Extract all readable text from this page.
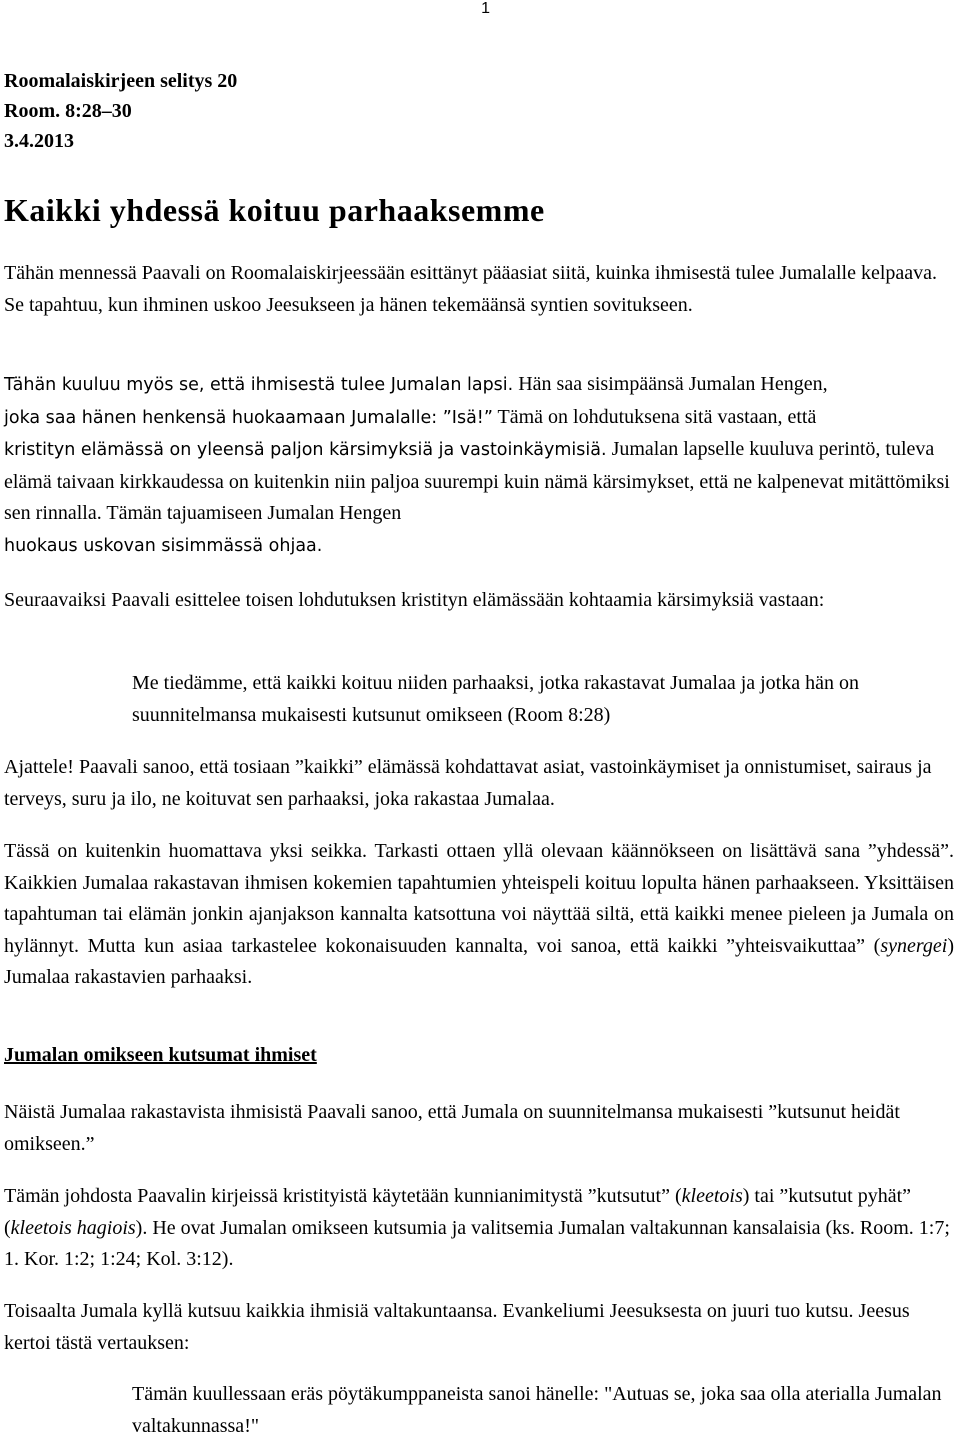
1
Roomalaiskirjeen selitys 20
Room. 8:28–30
3.4.2013
Kaikki yhdessä koituu parhaaksemme

Tähän mennessä Paavali on Roomalaiskirjeessään esittänyt pääasiat siitä, kuinka ihmisestä tulee Jumalalle kelpaava. Se tapahtuu, kun ihminen uskoo Jeesukseen ja hänen tekemäänsä syntien sovitukseen.

Tähän kuuluu myös se, että ihmisestä tulee Jumalan lapsi. Hän saa sisimpäänsä Jumalan Hengen,
joka saa hänen henkensä huokaamaan Jumalalle: ”Isä!” Tämä on lohdutuksena sitä vastaan, että
kristityn elämässä on yleensä paljon kärsimyksiä ja vastoinkäymisiä. Jumalan lapselle kuuluva perintö, tuleva elämä taivaan kirkkaudessa on kuitenkin niin paljoa suurempi kuin nämä kärsimykset, että ne kalpenevat mitättömiksi sen rinnalla. Tämän tajuamiseen Jumalan Hengen
huokaus uskovan sisimmässä ohjaa.

Seuraavaiksi Paavali esittelee toisen lohdutuksen kristityn elämässään kohtaamia kärsimyksiä vastaan:

Me tiedämme, että kaikki koituu niiden parhaaksi, jotka rakastavat Jumalaa ja jotka hän on suunnitelmansa mukaisesti kutsunut omikseen (Room 8:28)

Ajattele! Paavali sanoo, että tosiaan ”kaikki” elämässä kohdattavat asiat, vastoinkäymiset ja onnistumiset, sairaus ja terveys, suru ja ilo, ne koituvat sen parhaaksi, joka rakastaa Jumalaa.

Tässä on kuitenkin huomattava yksi seikka. Tarkasti ottaen yllä olevaan käännökseen on lisättävä sana ”yhdessä”. Kaikkien Jumalaa rakastavan ihmisen kokemien tapahtumien yhteispeli koituu lopulta hänen parhaakseen. Yksittäisen tapahtuman tai elämän jonkin ajanjakson kannalta katsottuna voi näyttää siltä, että kaikki menee pieleen ja Jumala on hylännyt. Mutta kun asiaa tarkastelee kokonaisuuden kannalta, voi sanoa, että kaikki ”yhteisvaikuttaa” (synergei) Jumalaa rakastavien parhaaksi.

Jumalan omikseen kutsumat ihmiset

Näistä Jumalaa rakastavista ihmisistä Paavali sanoo, että Jumala on suunnitelmansa mukaisesti ”kutsunut heidät omikseen.”

Tämän johdosta Paavalin kirjeissä kristityistä käytetään kunnianimitystä ”kutsutut” (kleetois) tai ”kutsutut pyhät” (kleetois hagiois). He ovat Jumalan omikseen kutsumia ja valitsemia Jumalan valtakunnan kansalaisia (ks. Room. 1:7; 1. Kor. 1:2; 1:24; Kol. 3:12).

Toisaalta Jumala kyllä kutsuu kaikkia ihmisiä valtakuntaansa. Evankeliumi Jeesuksesta on juuri tuo kutsu. Jeesus kertoi tästä vertauksen:

Tämän kuullessaan eräs pöytäkumppaneista sanoi hänelle: "Autuas se, joka saa olla aterialla Jumalan valtakunnassa!"
